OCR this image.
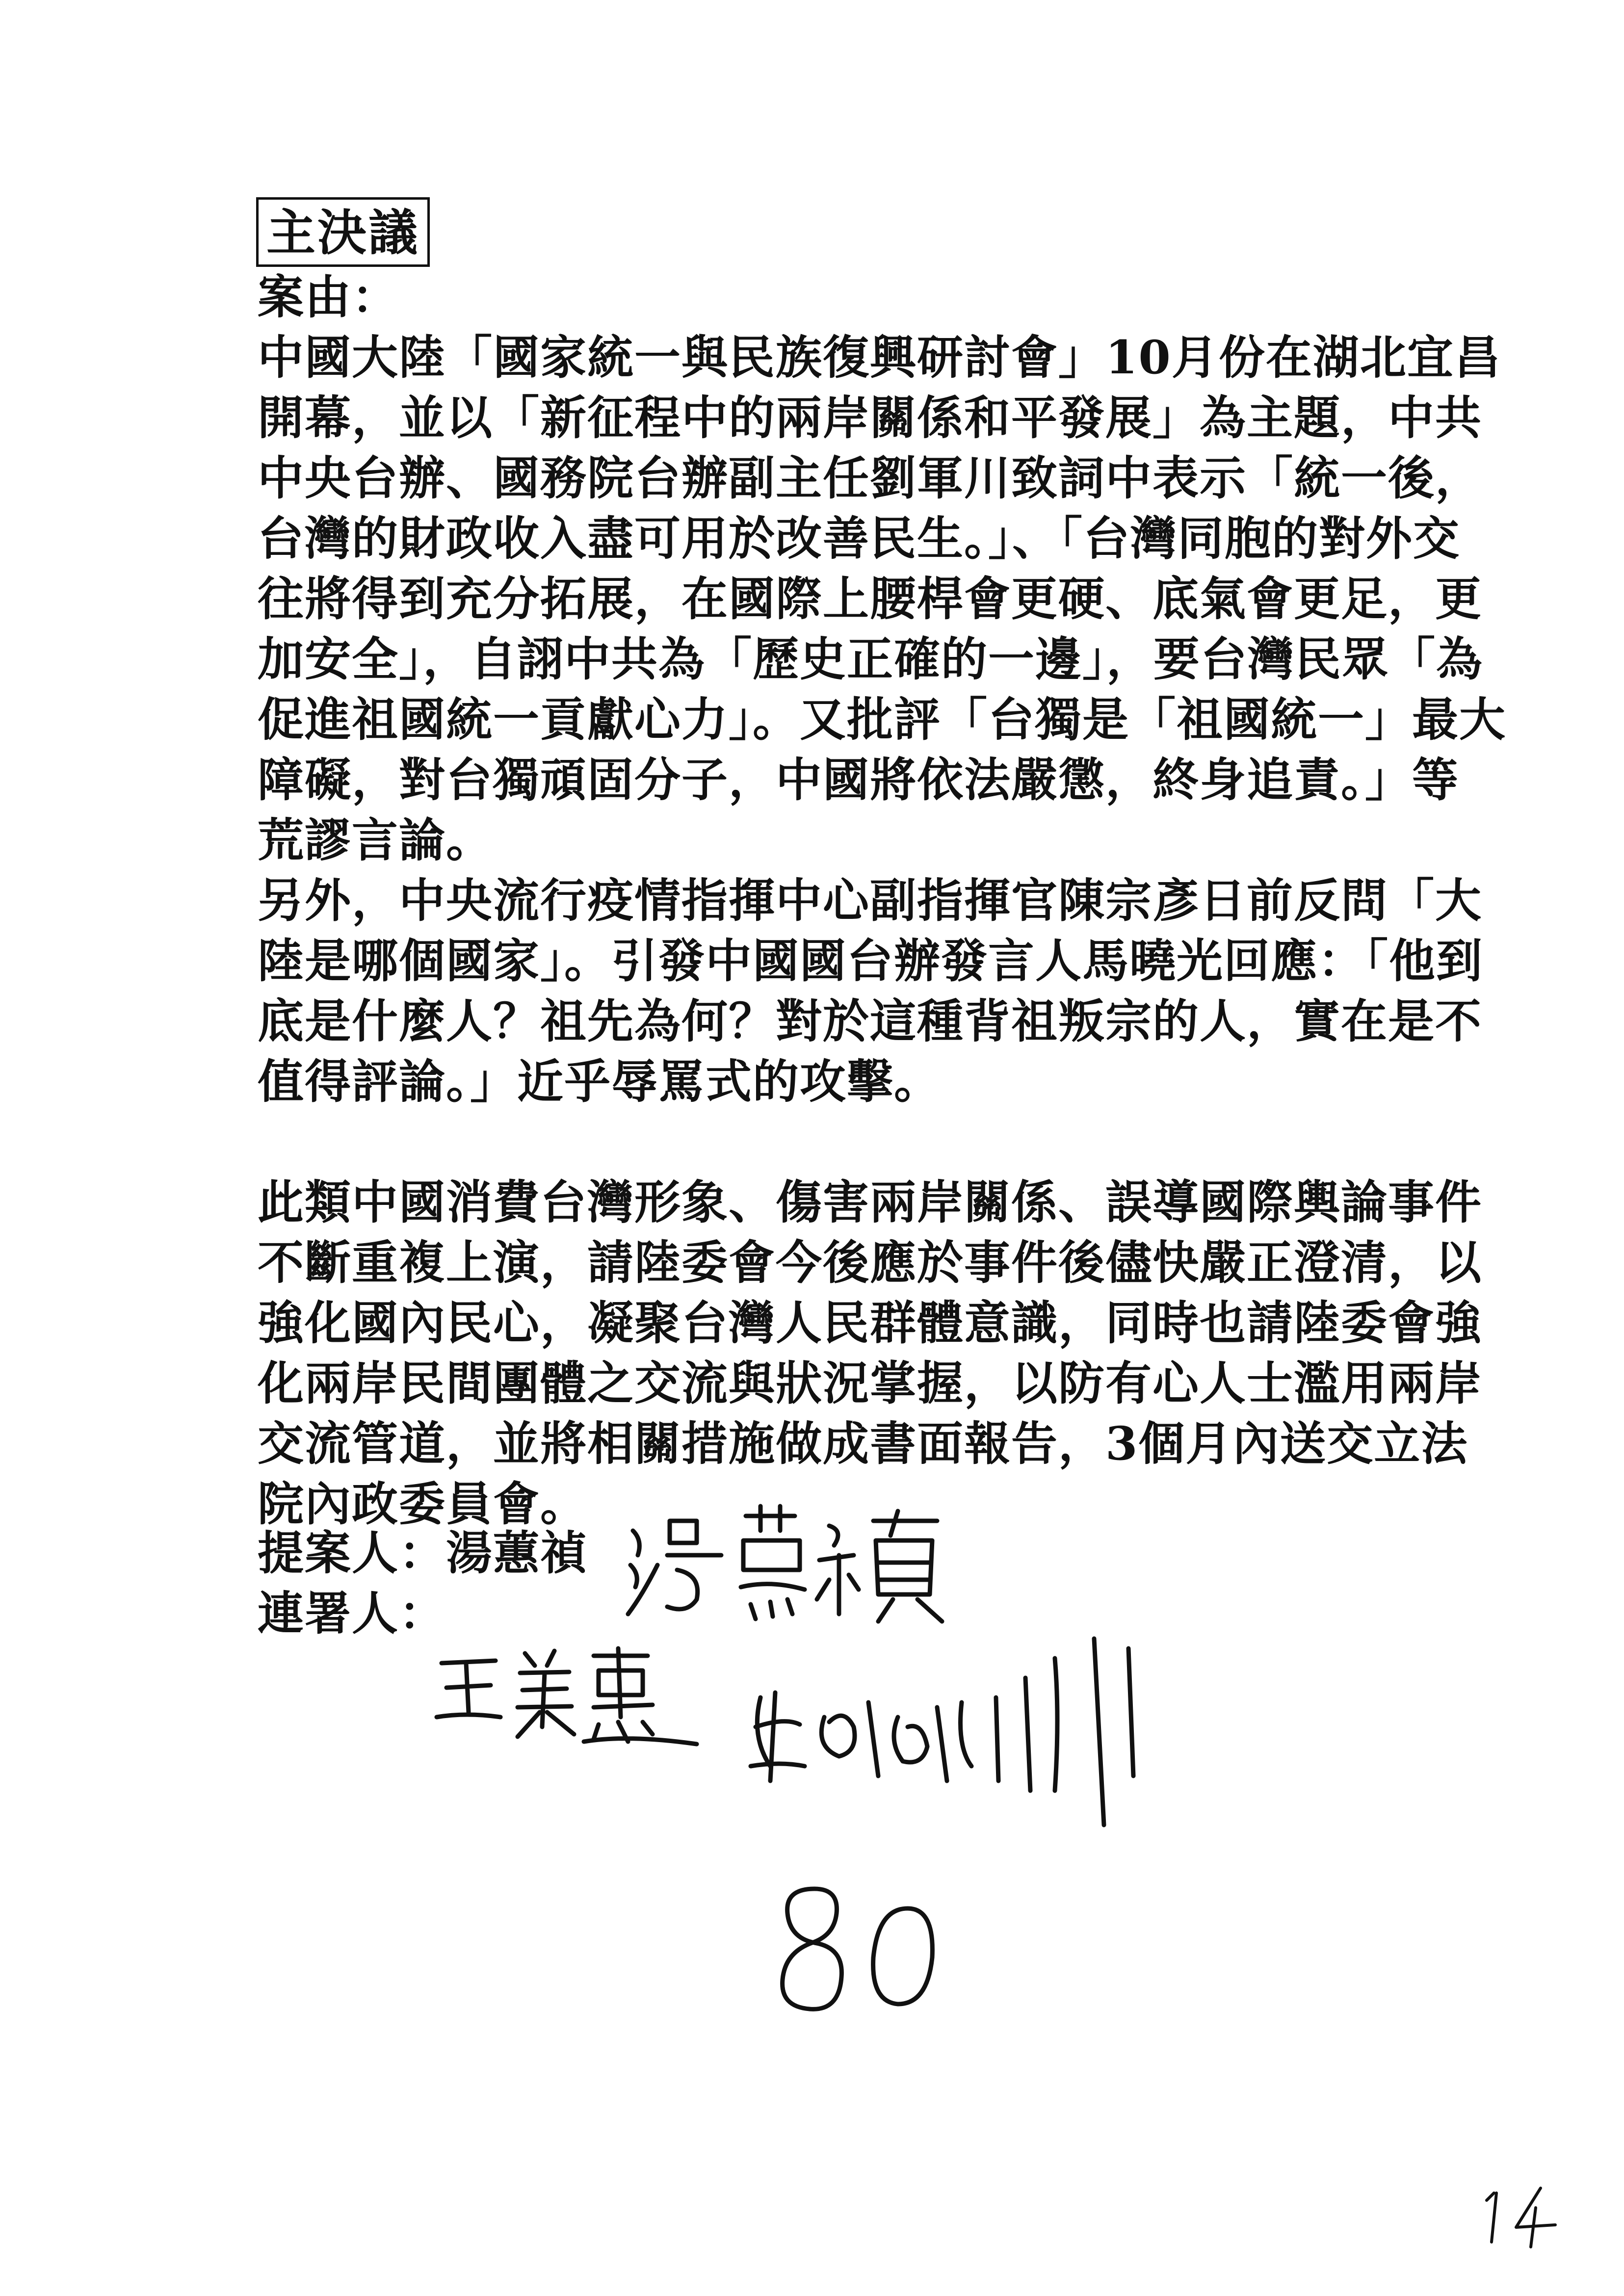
主決議

案由：

中國大陸「國家統一與民族復興研討會」10月份在湖北宜昌
開幕，並以「新征程中的兩岸關係和平發展」為主題，中共
中央台辦、國務院台辦副主任劉軍川致詞中表示「統一後，
台灣的財政收入盡可用於改善民生。」、「台灣同胞的對外交
往將得到充分拓展，在國際上腰桿會更硬、底氣會更足，更
加安全」，自詡中共為「歷史正確的一邊」，要台灣民眾「為
促進祖國統一貢獻心力」。又批評「台獨是「祖國統一」最大
障礙，對台獨頑固分子，中國將依法嚴懲，終身追責。」等
荒謬言論。
另外，中央流行疫情指揮中心副指揮官陳宗彥日前反問「大
陸是哪個國家」。引發中國國台辦發言人馬曉光回應：「他到
底是什麼人？祖先為何？對於這種背祖叛宗的人，實在是不
值得評論。」近乎辱罵式的攻擊。
此類中國消費台灣形象、傷害兩岸關係、誤導國際輿論事件
不斷重複上演，請陸委會今後應於事件後儘快嚴正澄清，以
強化國內民心，凝聚台灣人民群體意識，同時也請陸委會強
化兩岸民間團體之交流與狀況掌握，以防有心人士濫用兩岸
交流管道，並將相關措施做成書面報告，3個月內送交立法
院內政委員會。
提案人：湯蕙禎
連署人：
